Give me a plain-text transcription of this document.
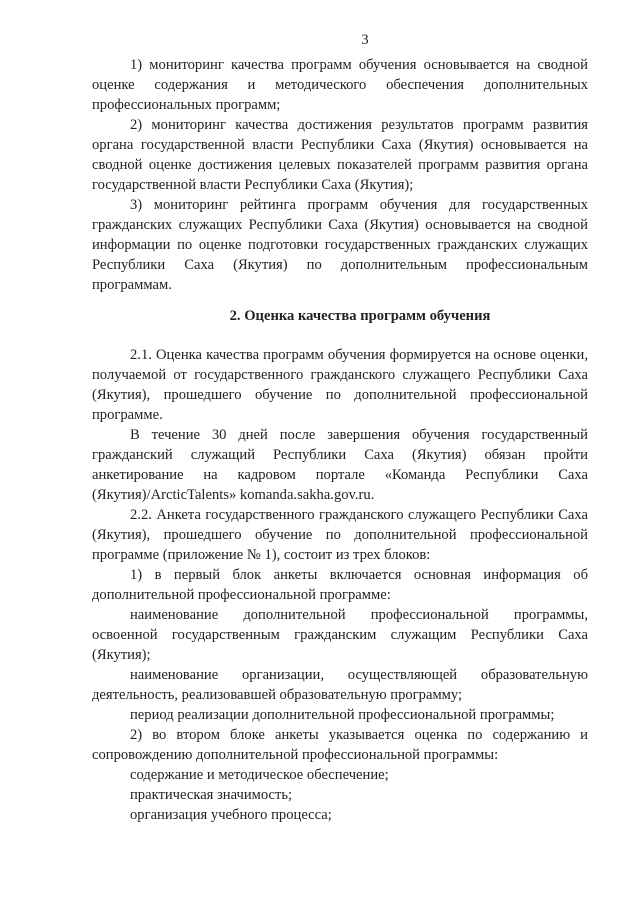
3

1) мониторинг качества программ обучения основывается на сводной оценке содержания и методического обеспечения дополнительных профессиональных программ;

2) мониторинг качества достижения результатов программ развития органа государственной власти Республики Саха (Якутия) основывается на сводной оценке достижения целевых показателей программ развития органа государственной власти Республики Саха (Якутия);

3) мониторинг рейтинга программ обучения для государственных гражданских служащих Республики Саха (Якутия) основывается на сводной информации по оценке подготовки государственных гражданских служащих Республики Саха (Якутия) по дополнительным профессиональным программам.

2. Оценка качества программ обучения

2.1. Оценка качества программ обучения формируется на основе оценки, получаемой от государственного гражданского служащего Республики Саха (Якутия), прошедшего обучение по дополнительной профессиональной программе.

В течение 30 дней после завершения обучения государственный гражданский служащий Республики Саха (Якутия) обязан пройти анкетирование на кадровом портале «Команда Республики Саха (Якутия)/ArcticTalents» komanda.sakha.gov.ru.

2.2. Анкета государственного гражданского служащего Республики Саха (Якутия), прошедшего обучение по дополнительной профессиональной программе (приложение № 1), состоит из трех блоков:

1) в первый блок анкеты включается основная информация об дополнительной профессиональной программе:

наименование дополнительной профессиональной программы, освоенной государственным гражданским служащим Республики Саха (Якутия);

наименование организации, осуществляющей образовательную деятельность, реализовавшей образовательную программу;

период реализации дополнительной профессиональной программы;

2) во втором блоке анкеты указывается оценка по содержанию и сопровождению дополнительной профессиональной программы:

содержание и методическое обеспечение;

практическая значимость;

организация учебного процесса;
